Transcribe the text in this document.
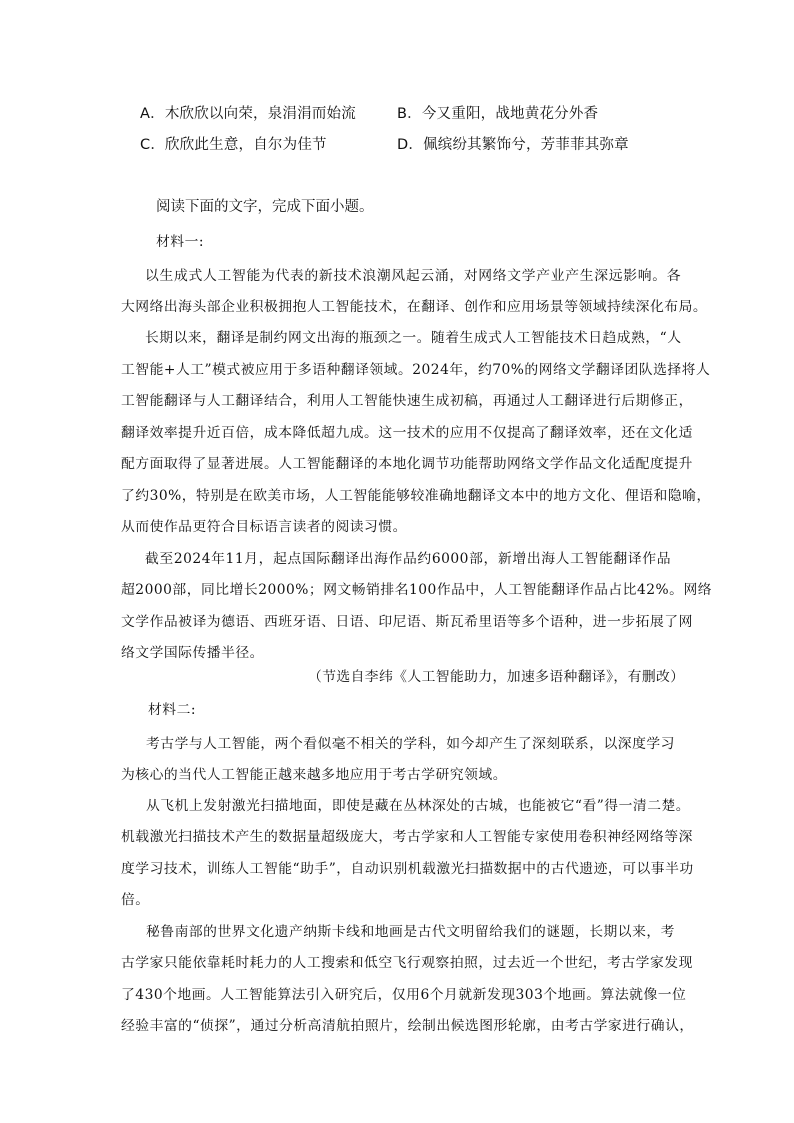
A．木欣欣以向荣，泉涓涓而始流	B．今又重阳，战地黄花分外香
C．欣欣此生意，自尔为佳节	D．佩缤纷其繁饰兮，芳菲菲其弥章
阅读下面的文字，完成下面小题。
材料一:
以生成式人工智能为代表的新技术浪潮风起云涌，对网络文学产业产生深远影响。各
大网络出海头部企业积极拥抱人工智能技术，在翻译、创作和应用场景等领域持续深化布局。
长期以来，翻译是制约网文出海的瓶颈之一。随着生成式人工智能技术日趋成熟，“人
工智能+人工”模式被应用于多语种翻译领域。2024年，约70%的网络文学翻译团队选择将人
工智能翻译与人工翻译结合，利用人工智能快速生成初稿，再通过人工翻译进行后期修正，
翻译效率提升近百倍，成本降低超九成。这一技术的应用不仅提高了翻译效率，还在文化适
配方面取得了显著进展。人工智能翻译的本地化调节功能帮助网络文学作品文化适配度提升
了约30%，特别是在欧美市场，人工智能能够较准确地翻译文本中的地方文化、俚语和隐喻，
从而使作品更符合目标语言读者的阅读习惯。
截至2024年11月，起点国际翻译出海作品约6000部，新增出海人工智能翻译作品
超2000部，同比增长2000%；网文畅销排名100作品中，人工智能翻译作品占比42%。网络
文学作品被译为德语、西班牙语、日语、印尼语、斯瓦希里语等多个语种，进一步拓展了网
络文学国际传播半径。
（节选自李纬《人工智能助力，加速多语种翻译》，有删改）
材料二:
考古学与人工智能，两个看似毫不相关的学科，如今却产生了深刻联系，以深度学习
为核心的当代人工智能正越来越多地应用于考古学研究领域。
从飞机上发射激光扫描地面，即使是藏在丛林深处的古城，也能被它“看”得一清二楚。
机载激光扫描技术产生的数据量超级庞大，考古学家和人工智能专家使用卷积神经网络等深
度学习技术，训练人工智能“助手”，自动识别机载激光扫描数据中的古代遗迹，可以事半功
倍。
秘鲁南部的世界文化遗产纳斯卡线和地画是古代文明留给我们的谜题，长期以来，考
古学家只能依靠耗时耗力的人工搜索和低空飞行观察拍照，过去近一个世纪，考古学家发现
了430个地画。人工智能算法引入研究后，仅用6个月就新发现303个地画。算法就像一位
经验丰富的“侦探”，通过分析高清航拍照片，绘制出候选图形轮廓，由考古学家进行确认，
